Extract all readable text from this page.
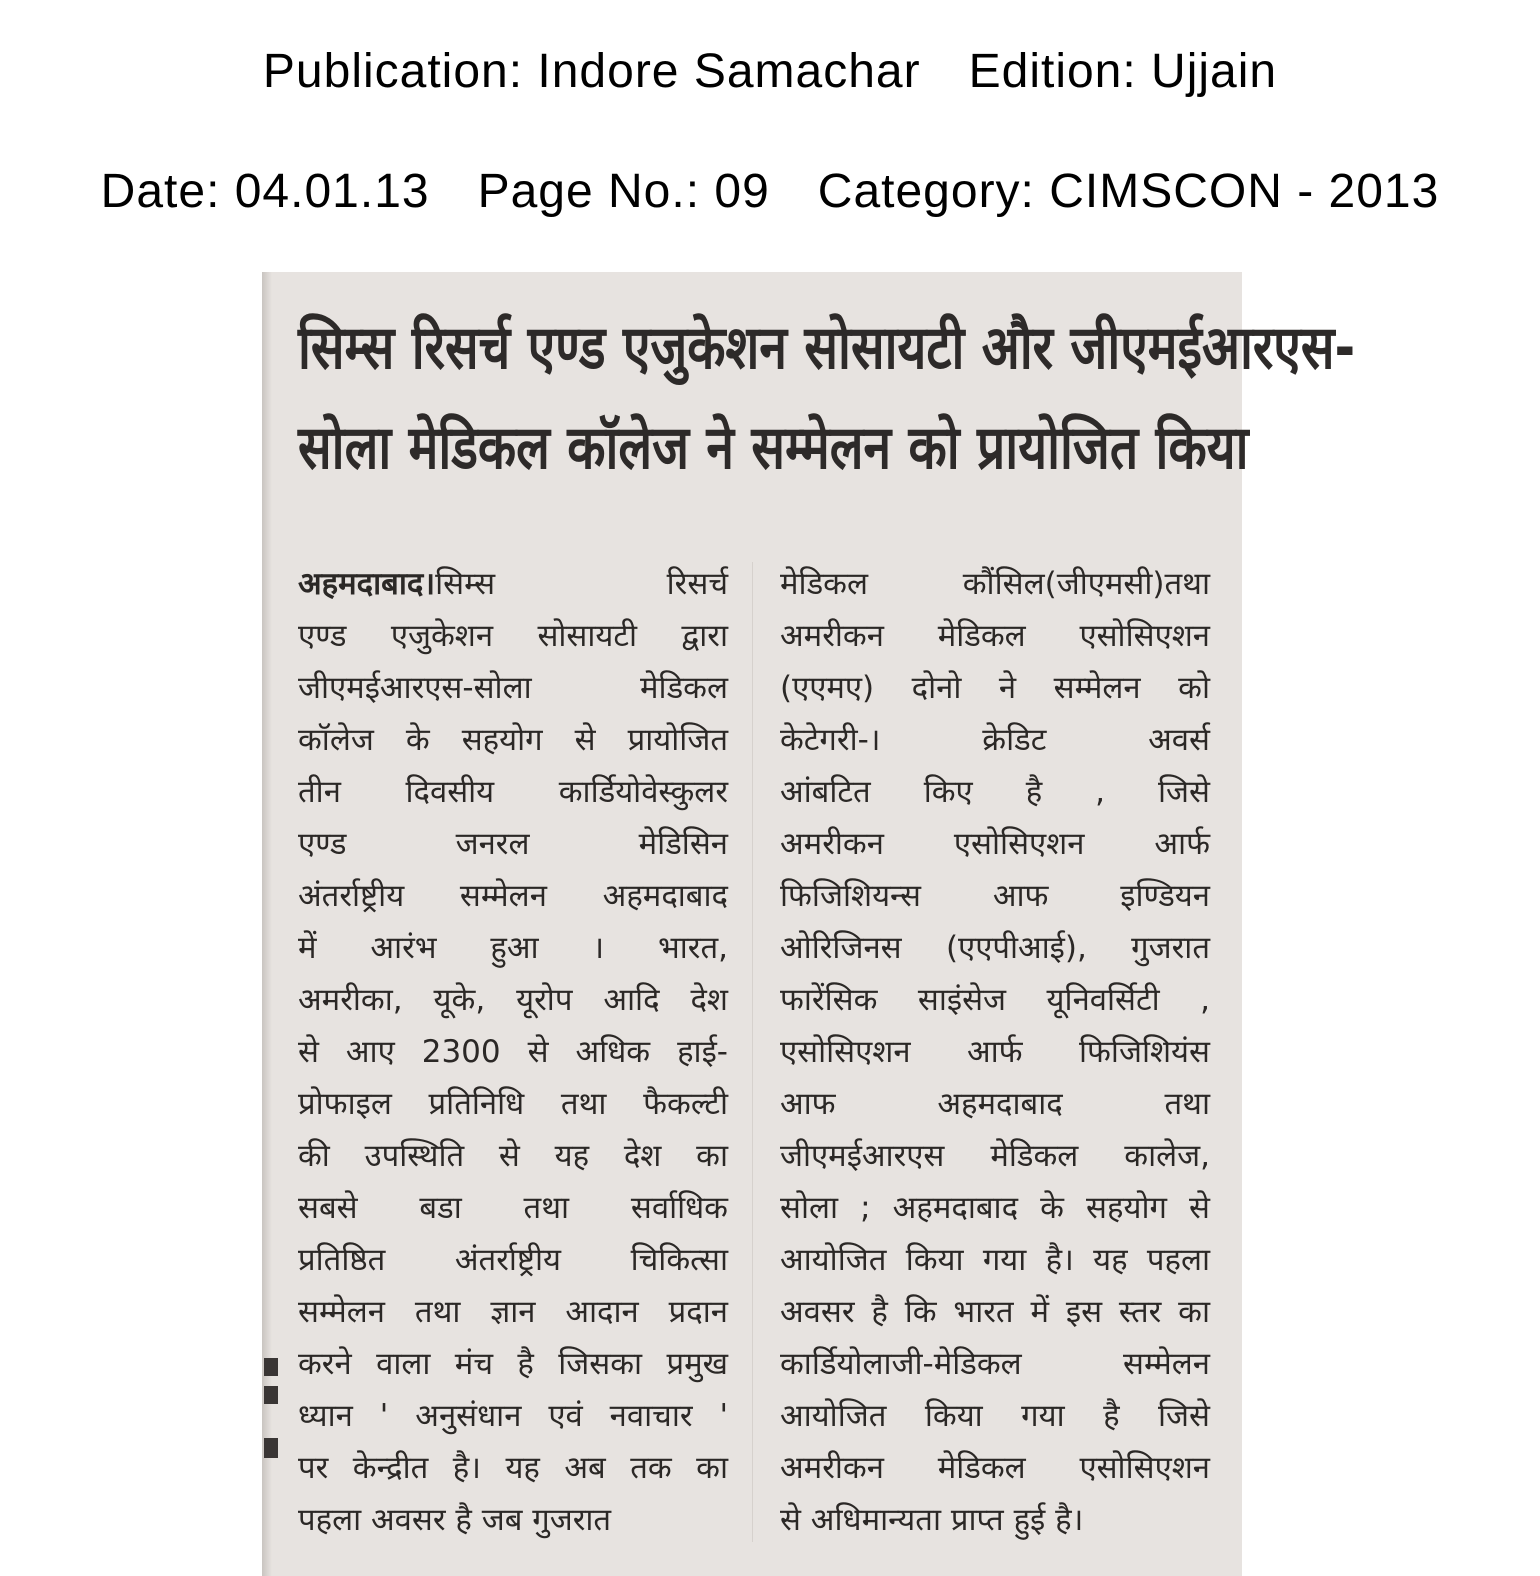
Publication: Indore Samachar Edition: Ujjain
Date: 04.01.13 Page No.: 09 Category: CIMSCON - 2013
सिम्स रिसर्च एण्ड एजुकेशन सोसायटी और जीएमईआरएस-
सोला मेडिकल कॉलेज ने सम्मेलन को प्रायोजित किया
अहमदाबाद।सिम्स रिसर्च
एण्ड एजुकेशन सोसायटी द्वारा
जीएमईआरएस-सोला मेडिकल
कॉलेज के सहयोग से प्रायोजित
तीन दिवसीय कार्डियोवेस्कुलर
एण्ड जनरल मेडिसिन
अंतर्राष्ट्रीय सम्मेलन अहमदाबाद
में आरंभ हुआ । भारत,
अमरीका, यूके, यूरोप आदि देश
से आए 2300 से अधिक हाई-
प्रोफाइल प्रतिनिधि तथा फैकल्टी
की उपस्थिति से यह देश का
सबसे बडा तथा सर्वाधिक
प्रतिष्ठित अंतर्राष्ट्रीय चिकित्सा
सम्मेलन तथा ज्ञान आदान प्रदान
करने वाला मंच है जिसका प्रमुख
ध्यान ' अनुसंधान एवं नवाचार '
पर केन्द्रीत है। यह अब तक का
पहला अवसर है जब गुजरात
मेडिकल कौंसिल(जीएमसी)तथा
अमरीकन मेडिकल एसोसिएशन
(एएमए) दोनो ने सम्मेलन को
केटेगरी-। क्रेडिट अवर्स
आंबटित किए है , जिसे
अमरीकन एसोसिएशन आर्फ
फिजिशियन्स आफ इण्डियन
ओरिजिनस (एएपीआई), गुजरात
फारेंसिक साइंसेज यूनिवर्सिटी ,
एसोसिएशन आर्फ फिजिशियंस
आफ अहमदाबाद तथा
जीएमईआरएस मेडिकल कालेज,
सोला ; अहमदाबाद के सहयोग से
आयोजित किया गया है। यह पहला
अवसर है कि भारत में इस स्तर का
कार्डियोलाजी-मेडिकल सम्मेलन
आयोजित किया गया है जिसे
अमरीकन मेडिकल एसोसिएशन
से अधिमान्यता प्राप्त हुई है।
